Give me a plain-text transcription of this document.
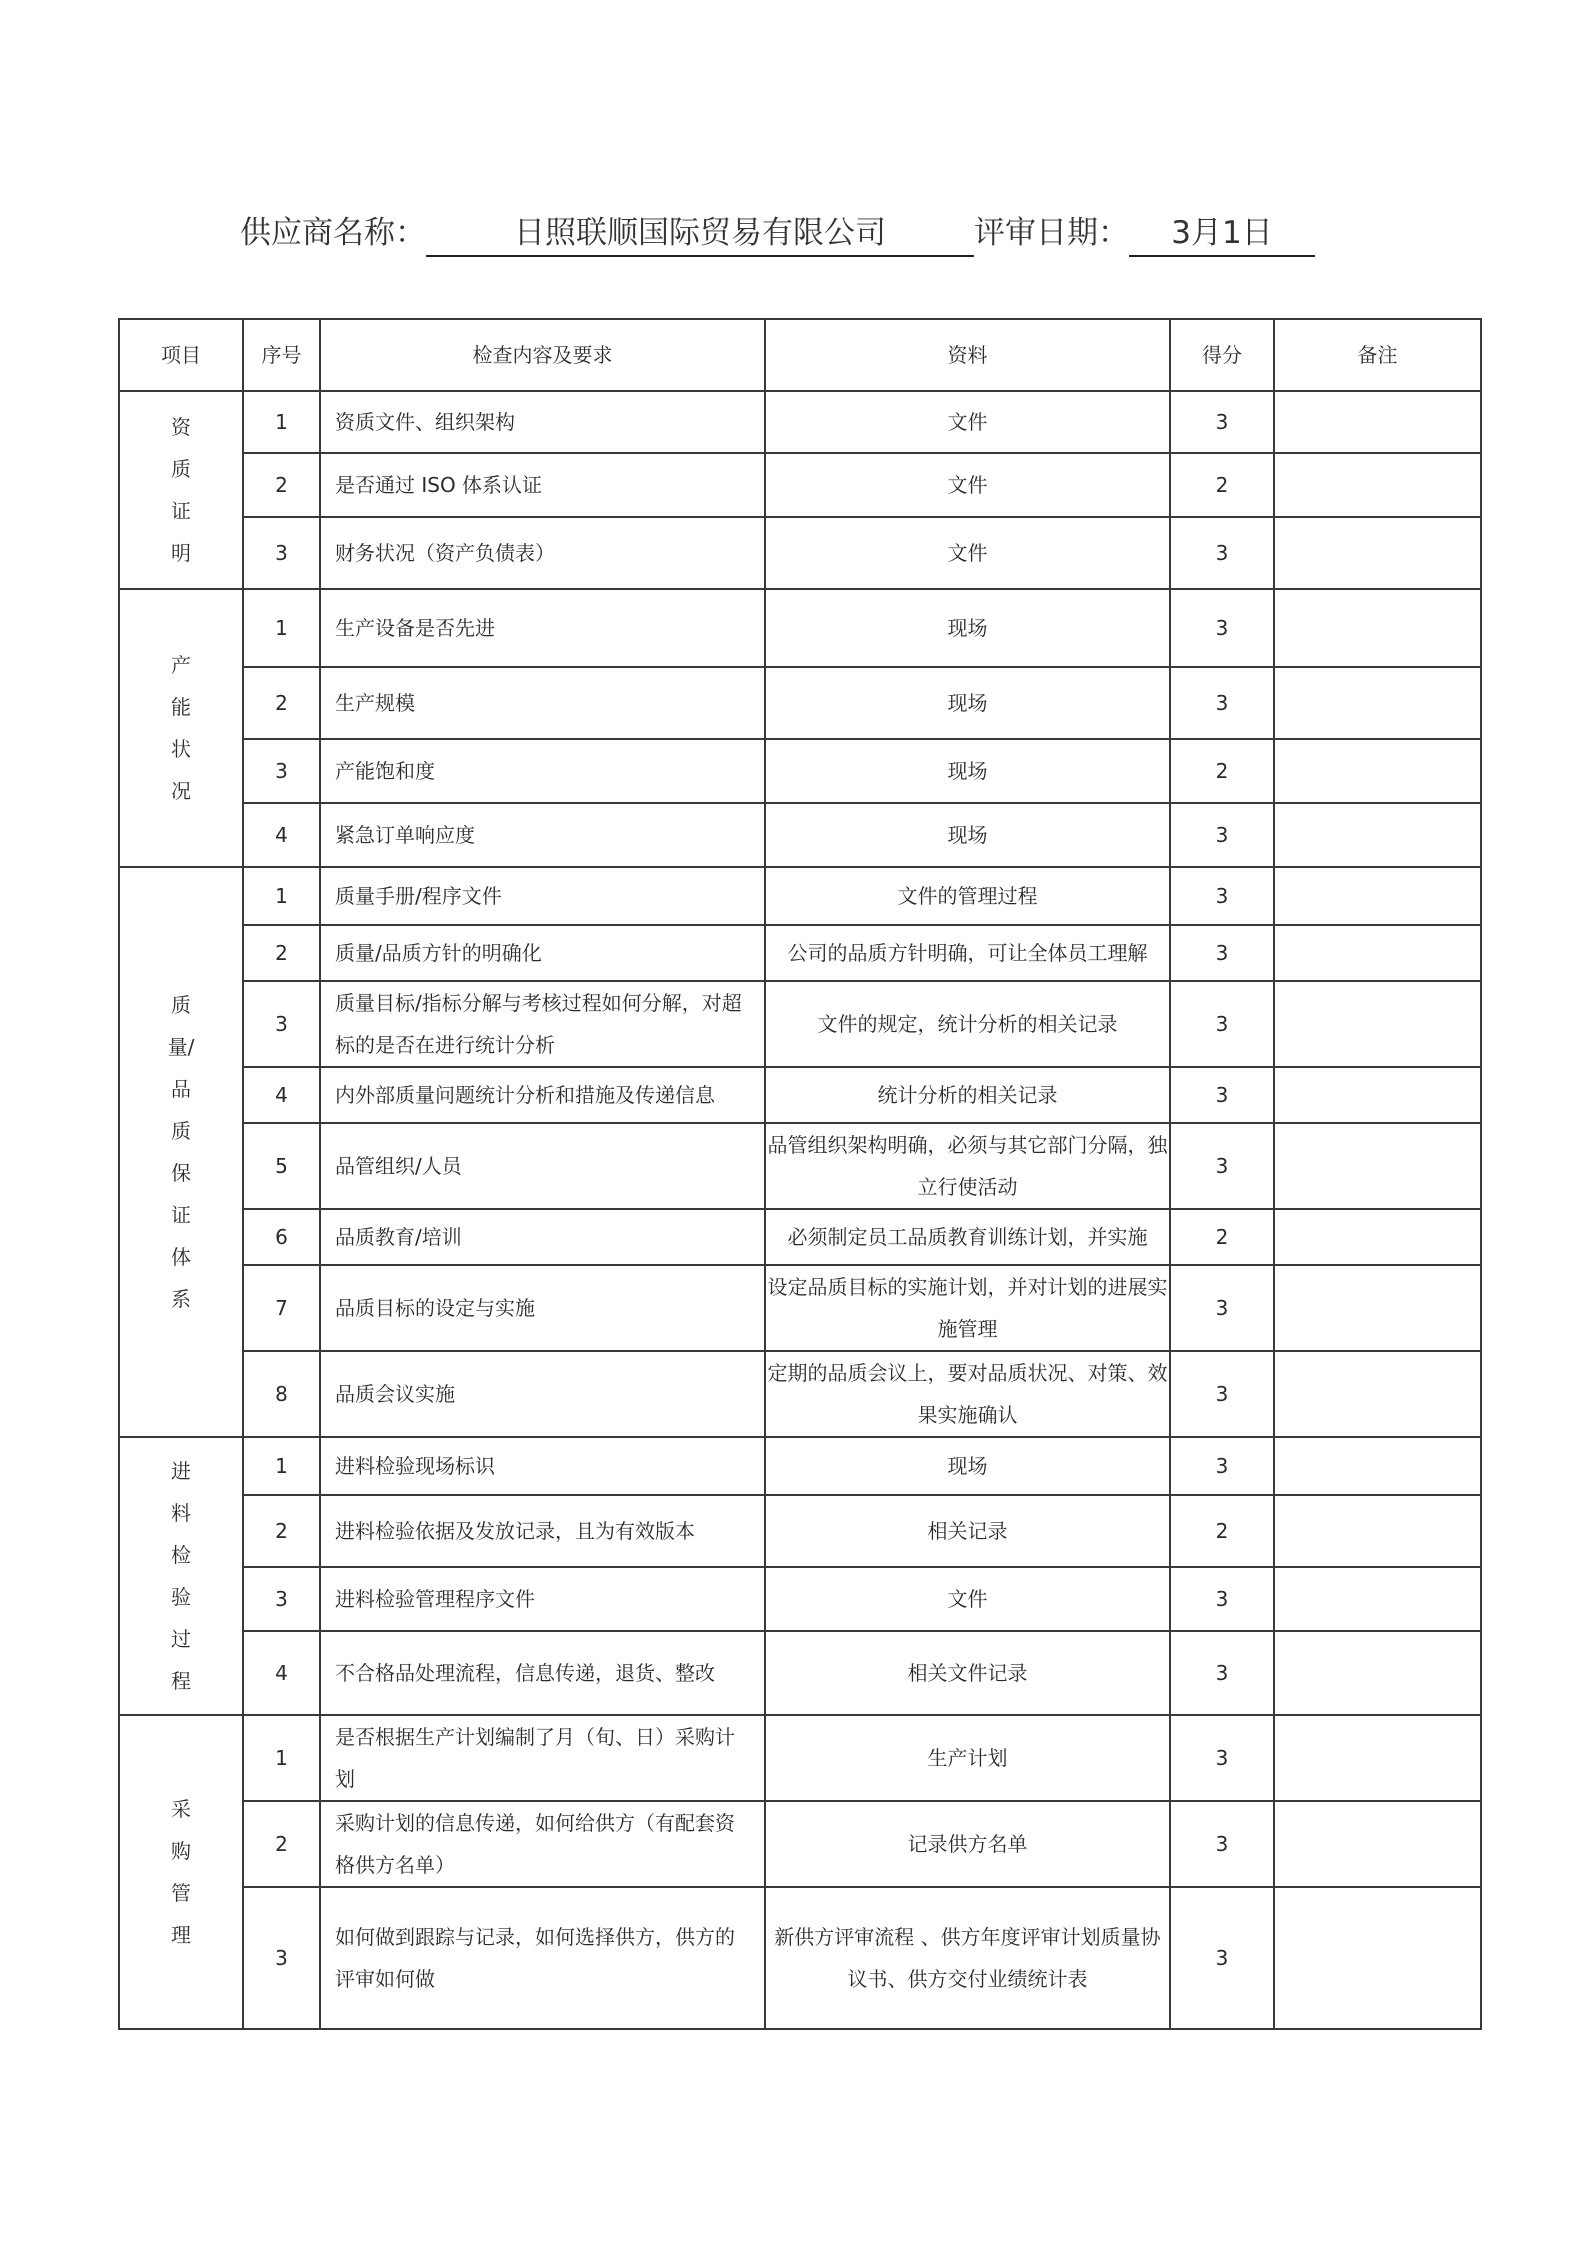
供应商名称：	日照联顺国际贸易有限公司	评审日期： 3月1日
项目	序号	检查内容及要求	资料	得分	备注
资质证明	1	资质文件、组织架构	文件	3	
	2	是否通过 ISO 体系认证	文件	2	
	3	财务状况（资产负债表）	文件	3	
产能状况	1	生产设备是否先进	现场	3	
	2	生产规模	现场	3	
	3	产能饱和度	现场	2	
	4	紧急订单响应度	现场	3	
质量/品质保证体系	1	质量手册/程序文件	文件的管理过程	3	
	2	质量/品质方针的明确化	公司的品质方针明确，可让全体员工理解	3	
	3	质量目标/指标分解与考核过程如何分解，对超标的是否在进行统计分析	文件的规定，统计分析的相关记录	3	
	4	内外部质量问题统计分析和措施及传递信息	统计分析的相关记录	3	
	5	品管组织/人员	品管组织架构明确，必须与其它部门分隔，独立行使活动	3	
	6	品质教育/培训	必须制定员工品质教育训练计划，并实施	2	
	7	品质目标的设定与实施	设定品质目标的实施计划，并对计划的进展实施管理	3	
	8	品质会议实施	定期的品质会议上，要对品质状况、对策、效果实施确认	3	
进料检验过程	1	进料检验现场标识	现场	3	
	2	进料检验依据及发放记录，且为有效版本	相关记录	2	
	3	进料检验管理程序文件	文件	3	
	4	不合格品处理流程，信息传递，退货、整改	相关文件记录	3	
采购管理	1	是否根据生产计划编制了月（旬、日）采购计划	生产计划	3	
	2	采购计划的信息传递，如何给供方（有配套资格供方名单）	记录供方名单	3	
	3	如何做到跟踪与记录，如何选择供方，供方的评审如何做	新供方评审流程 、供方年度评审计划质量协议书、供方交付业绩统计表	3	
